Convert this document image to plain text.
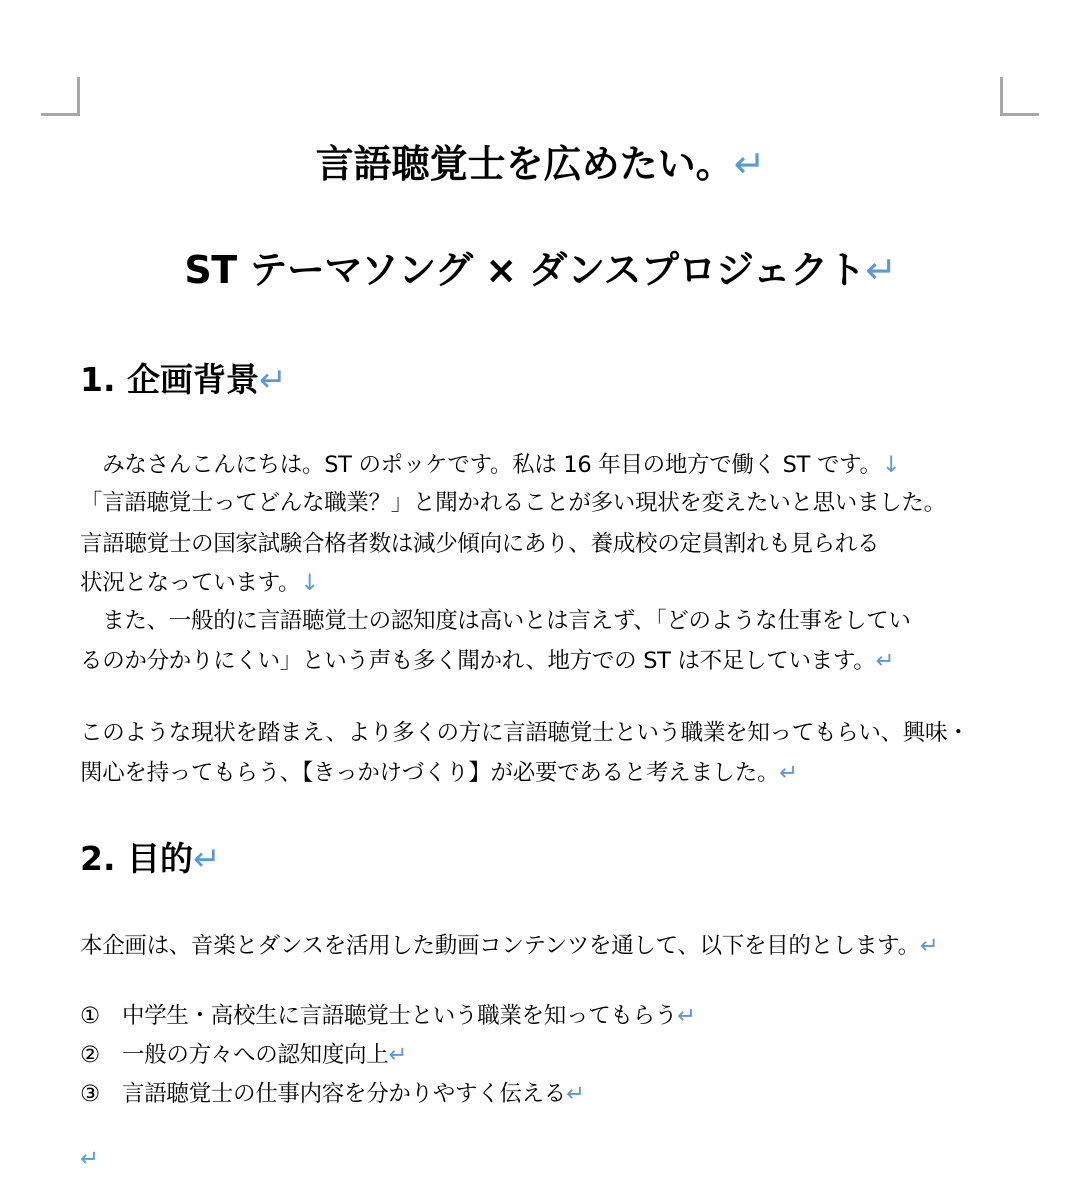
言語聴覚士を広めたい。↵
ST テーマソング × ダンスプロジェクト↵
1. 企画背景↵
　みなさんこんにちは。ST のポッケです。私は 16 年目の地方で働く ST です。↓
「言語聴覚士ってどんな職業？」と聞かれることが多い現状を変えたいと思いました。
言語聴覚士の国家試験合格者数は減少傾向にあり、養成校の定員割れも見られる
状況となっています。↓
　また、一般的に言語聴覚士の認知度は高いとは言えず、「どのような仕事をしてい
るのか分かりにくい」という声も多く聞かれ、地方での ST は不足しています。↵
このような現状を踏まえ、より多くの方に言語聴覚士という職業を知ってもらい、興味・
関心を持ってもらう、【きっかけづくり】が必要であると考えました。↵
2. 目的↵
本企画は、音楽とダンスを活用した動画コンテンツを通して、以下を目的とします。↵
① 中学生・高校生に言語聴覚士という職業を知ってもらう↵
② 一般の方々への認知度向上↵
③ 言語聴覚士の仕事内容を分かりやすく伝える↵
↵
